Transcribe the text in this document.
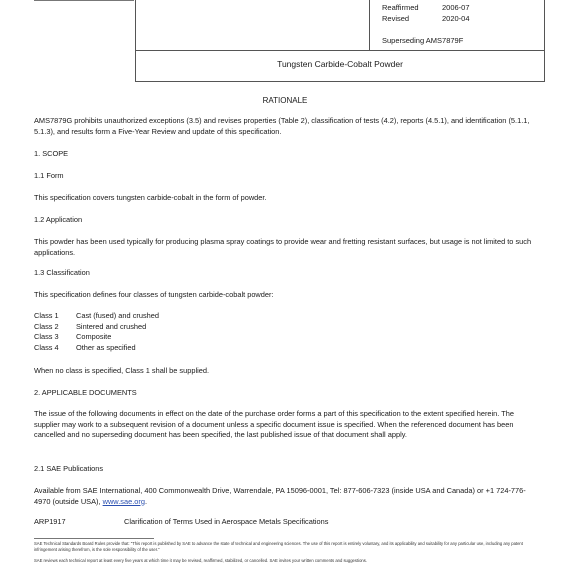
Reaffirmed	2006-07
Revised	2020-04
Superseding AMS7879F
Tungsten Carbide-Cobalt Powder
RATIONALE
AMS7879G prohibits unauthorized exceptions (3.5) and revises properties (Table 2), classification of tests (4.2), reports (4.5.1), and identification (5.1.1, 5.1.3), and results form a Five-Year Review and update of this specification.
1. SCOPE
1.1 Form
This specification covers tungsten carbide-cobalt in the form of powder.
1.2 Application
This powder has been used typically for producing plasma spray coatings to provide wear and fretting resistant surfaces, but usage is not limited to such applications.
1.3 Classification
This specification defines four classes of tungsten carbide-cobalt powder:
Class 1 Cast (fused) and crushed
Class 2 Sintered and crushed
Class 3 Composite
Class 4 Other as specified
When no class is specified, Class 1 shall be supplied.
2. APPLICABLE DOCUMENTS
The issue of the following documents in effect on the date of the purchase order forms a part of this specification to the extent specified herein. The supplier may work to a subsequent revision of a document unless a specific document issue is specified. When the referenced document has been cancelled and no superseding document has been specified, the last published issue of that document shall apply.
2.1 SAE Publications
Available from SAE International, 400 Commonwealth Drive, Warrendale, PA 15096-0001, Tel: 877-606-7323 (inside USA and Canada) or +1 724-776-4970 (outside USA), www.sae.org.
ARP1917	Clarification of Terms Used in Aerospace Metals Specifications
SAE Technical Standards Board Rules provide that: "This report is published by SAE to advance the state of technical and engineering sciences. The use of this report is entirely voluntary, and its applicability and suitability for any particular use, including any patent infringement arising therefrom, is the sole responsibility of the user."
SAE reviews each technical report at least every five years at which time it may be revised, reaffirmed, stabilized, or cancelled. SAE invites your written comments and suggestions.
